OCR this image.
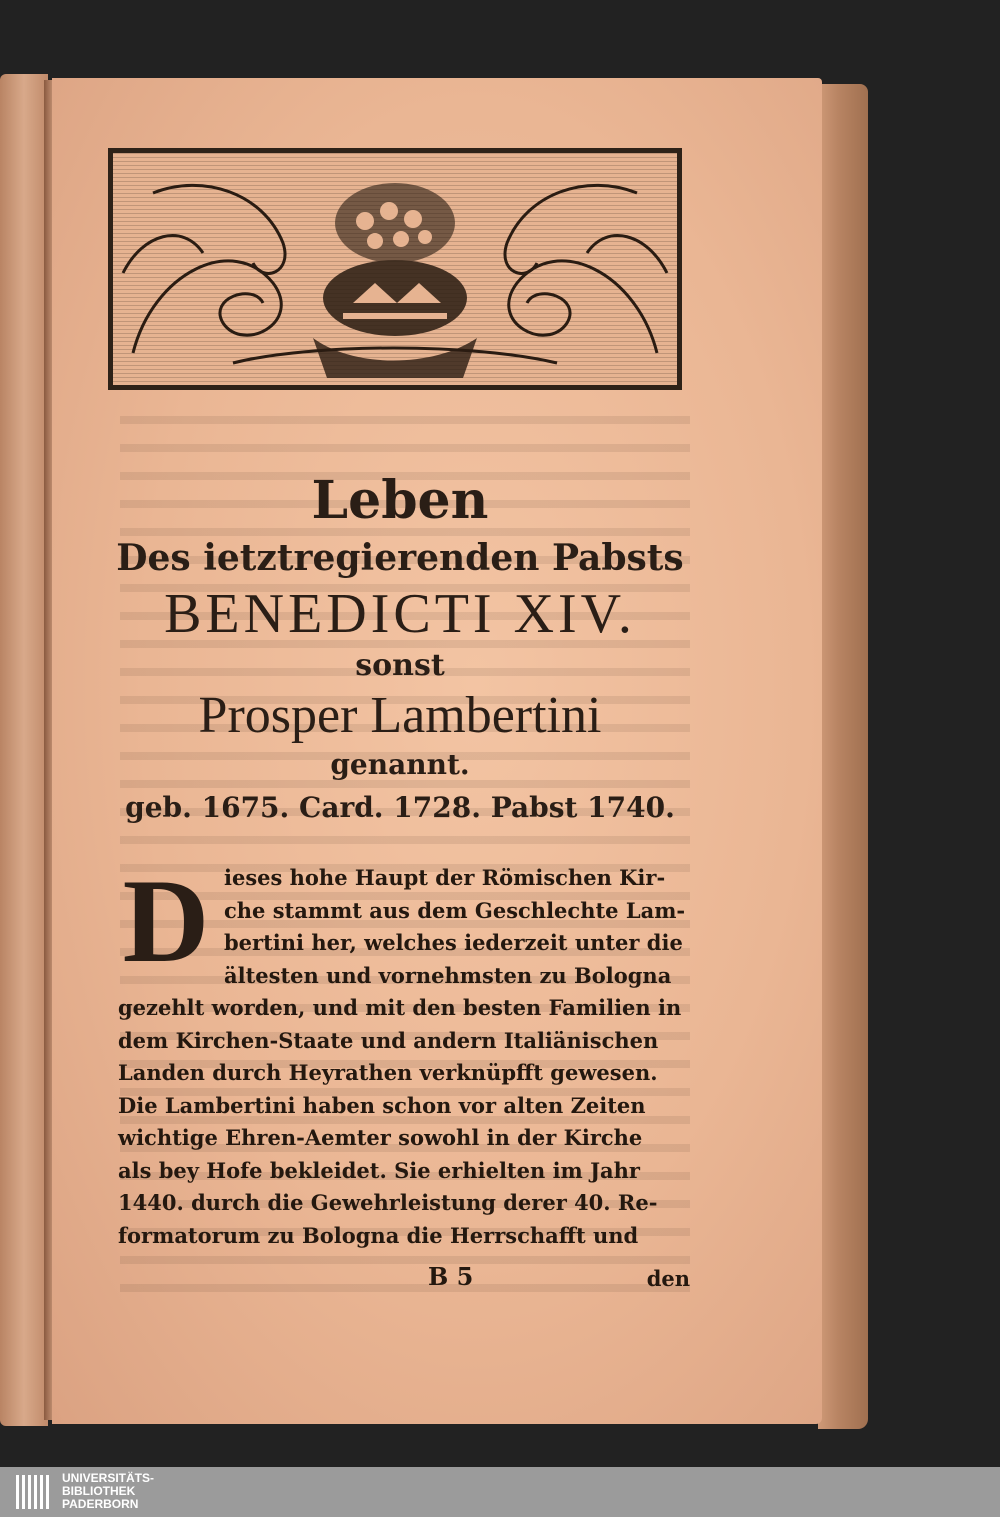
Leben
Des ietztregierenden Pabsts
BENEDICTI XIV.
sonst
Prosper Lambertini
genannt.
geb. 1675. Card. 1728. Pabst 1740.
D ieses hohe Haupt der Römischen Kir-
che stammt aus dem Geschlechte Lam-
bertini her, welches iederzeit unter die
ältesten und vornehmsten zu Bologna
gezehlt worden, und mit den besten Familien in
dem Kirchen-Staate und andern Italiänischen
Landen durch Heyrathen verknüpfft gewesen.
Die Lambertini haben schon vor alten Zeiten
wichtige Ehren-Aemter sowohl in der Kirche
als bey Hofe bekleidet. Sie erhielten im Jahr
1440. durch die Gewehrleistung derer 40. Re-
formatorum zu Bologna die Herrschafft und
B 5	den
UNIVERSITÄTS-
BIBLIOTHEK
PADERBORN
